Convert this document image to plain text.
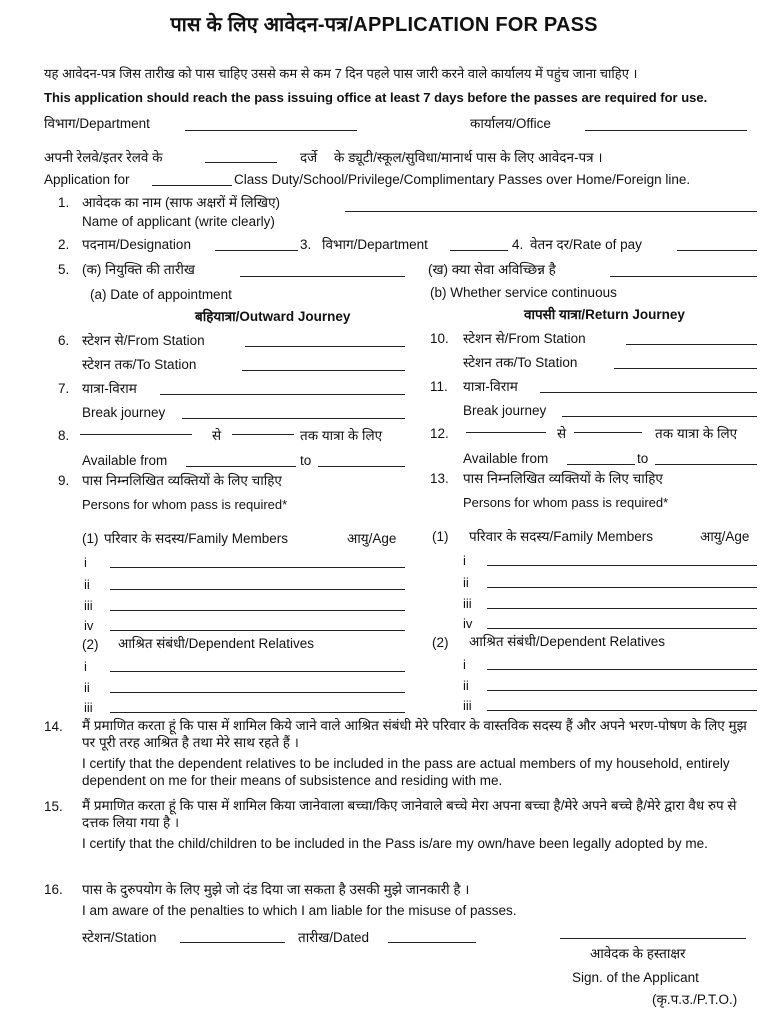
पास के लिए आवेदन-पत्र/APPLICATION FOR PASS
यह आवेदन-पत्र जिस तारीख को पास चाहिए उससे कम से कम 7 दिन पहले पास जारी करने वाले कार्यालय में पहुंच जाना चाहिए ।
This application should reach the pass issuing office at least 7 days before the passes are required for use.
विभाग/Department	कार्यालय/Office
अपनी रेलवे/इतर रेलवे के	दर्जे के ड्यूटी/स्कूल/सुविधा/मानार्थ पास के लिए आवेदन-पत्र ।
Application for	Class Duty/School/Privilege/Complimentary Passes over Home/Foreign line.
1. आवेदक का नाम (साफ अक्षरों में लिखिए)
Name of applicant (write clearly)
2. पदनाम/Designation	3. विभाग/Department	4. वेतन दर/Rate of pay
5. (क) नियुक्ति की तारीख	(ख) क्या सेवा अविच्छिन्न है
(a) Date of appointment	(b) Whether service continuous
बहियात्रा/Outward Journey	वापसी यात्रा/Return Journey
6. स्टेशन से/From Station	10. स्टेशन से/From Station
स्टेशन तक/To Station	स्टेशन तक/To Station
7. यात्रा-विराम	11. यात्रा-विराम
Break journey	Break journey
8.	से	तक यात्रा के लिए	12.	से	तक यात्रा के लिए
Available from	to	Available from	to
9. पास निम्नलिखित व्यक्तियों के लिए चाहिए
Persons for whom pass is required*
13. पास निम्नलिखित व्यक्तियों के लिए चाहिए
Persons for whom pass is required*
(1) परिवार के सदस्य/Family Members	आयु/Age
i
ii
iii
iv
(1) परिवार के सदस्य/Family Members	आयु/Age
i
ii
iii
iv
(2) आश्रित संबंधी/Dependent Relatives
i
ii
iii
(2) आश्रित संबंधी/Dependent Relatives
i
ii
iii
14. मैं प्रमाणित करता हूं कि पास में शामिल किये जाने वाले आश्रित संबंधी मेरे परिवार के वास्तविक सदस्य हैं और अपने भरण-पोषण के लिए मुझ पर पूरी तरह आश्रित है तथा मेरे साथ रहते हैं ।
I certify that the dependent relatives to be included in the pass are actual members of my household, entirely dependent on me for their means of subsistence and residing with me.
15. मैं प्रमाणित करता हूं कि पास में शामिल किया जानेवाला बच्चा/किए जानेवाले बच्चे मेरा अपना बच्चा है/मेरे अपने बच्चे है/मेरे द्वारा वैध रुप से दत्तक लिया गया है ।
I certify that the child/children to be included in the Pass is/are my own/have been legally adopted by me.
16. पास के दुरुपयोग के लिए मुझे जो दंड दिया जा सकता है उसकी मुझे जानकारी है ।
I am aware of the penalties to which I am liable for the misuse of passes.
स्टेशन/Station	तारीख/Dated
आवेदक के हस्ताक्षर
Sign. of the Applicant
(कृ.प.उ./P.T.O.)
